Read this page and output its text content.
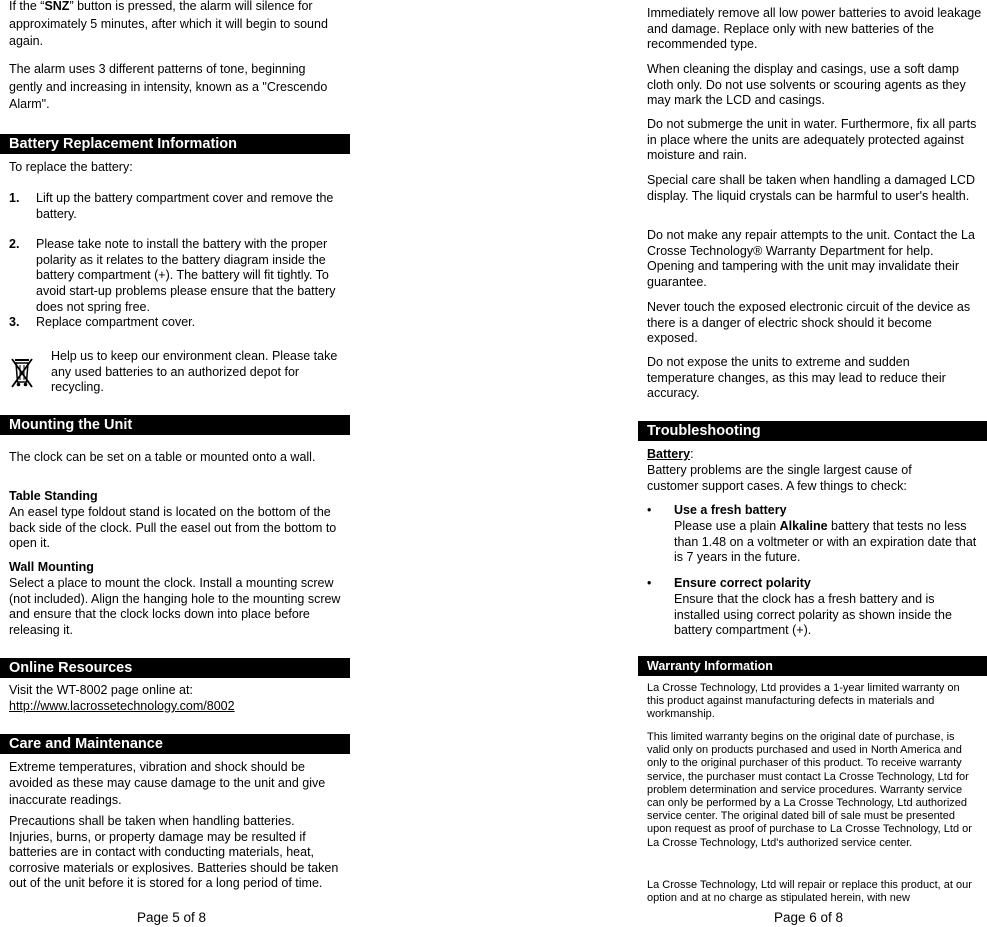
If the “SNZ” button is pressed, the alarm will silence for approximately 5 minutes, after which it will begin to sound again.

The alarm uses 3 different patterns of tone, beginning gently and increasing in intensity, known as a "Crescendo Alarm".

Battery Replacement Information

To replace the battery:

1. Lift up the battery compartment cover and remove the battery.
2. Please take note to install the battery with the proper polarity as it relates to the battery diagram inside the battery compartment (+). The battery will fit tightly. To avoid start-up problems please ensure that the battery does not spring free.
3. Replace compartment cover.

Help us to keep our environment clean. Please take any used batteries to an authorized depot for recycling.

Mounting the Unit

The clock can be set on a table or mounted onto a wall.

Table Standing

An easel type foldout stand is located on the bottom of the back side of the clock. Pull the easel out from the bottom to open it.

Wall Mounting

Select a place to mount the clock. Install a mounting screw (not included). Align the hanging hole to the mounting screw and ensure that the clock locks down into place before releasing it.

Online Resources

Visit the WT-8002 page online at:

http://www.lacrossetechnology.com/8002
Care and Maintenance

Extreme temperatures, vibration and shock should be avoided as these may cause damage to the unit and give inaccurate readings.

Precautions shall be taken when handling batteries. Injuries, burns, or property damage may be resulted if batteries are in contact with conducting materials, heat, corrosive materials or explosives. Batteries should be taken out of the unit before it is stored for a long period of time.

Page 5 of 8

Immediately remove all low power batteries to avoid leakage and damage. Replace only with new batteries of the recommended type.

When cleaning the display and casings, use a soft damp cloth only. Do not use solvents or scouring agents as they may mark the LCD and casings.

Do not submerge the unit in water. Furthermore, fix all parts in place where the units are adequately protected against moisture and rain.

Special care shall be taken when handling a damaged LCD display. The liquid crystals can be harmful to user's health.

Do not make any repair attempts to the unit. Contact the La Crosse Technology® Warranty Department for help. Opening and tampering with the unit may invalidate their guarantee.

Never touch the exposed electronic circuit of the device as there is a danger of electric shock should it become exposed.

Do not expose the units to extreme and sudden temperature changes, as this may lead to reduce their accuracy.

Troubleshooting

Battery:

Battery problems are the single largest cause of customer support cases. A few things to check:

• Use a fresh battery
Please use a plain Alkaline battery that tests no less than 1.48 on a voltmeter or with an expiration date that is 7 years in the future.
• Ensure correct polarity
Ensure that the clock has a fresh battery and is installed using correct polarity as shown inside the battery compartment (+).
Warranty Information

La Crosse Technology, Ltd provides a 1-year limited warranty on this product against manufacturing defects in materials and workmanship.

This limited warranty begins on the original date of purchase, is valid only on products purchased and used in North America and only to the original purchaser of this product. To receive warranty service, the purchaser must contact La Crosse Technology, Ltd for problem determination and service procedures. Warranty service can only be performed by a La Crosse Technology, Ltd authorized service center. The original dated bill of sale must be presented upon request as proof of purchase to La Crosse Technology, Ltd or La Crosse Technology, Ltd's authorized service center.

La Crosse Technology, Ltd will repair or replace this product, at our option and at no charge as stipulated herein, with new

Page 6 of 8
